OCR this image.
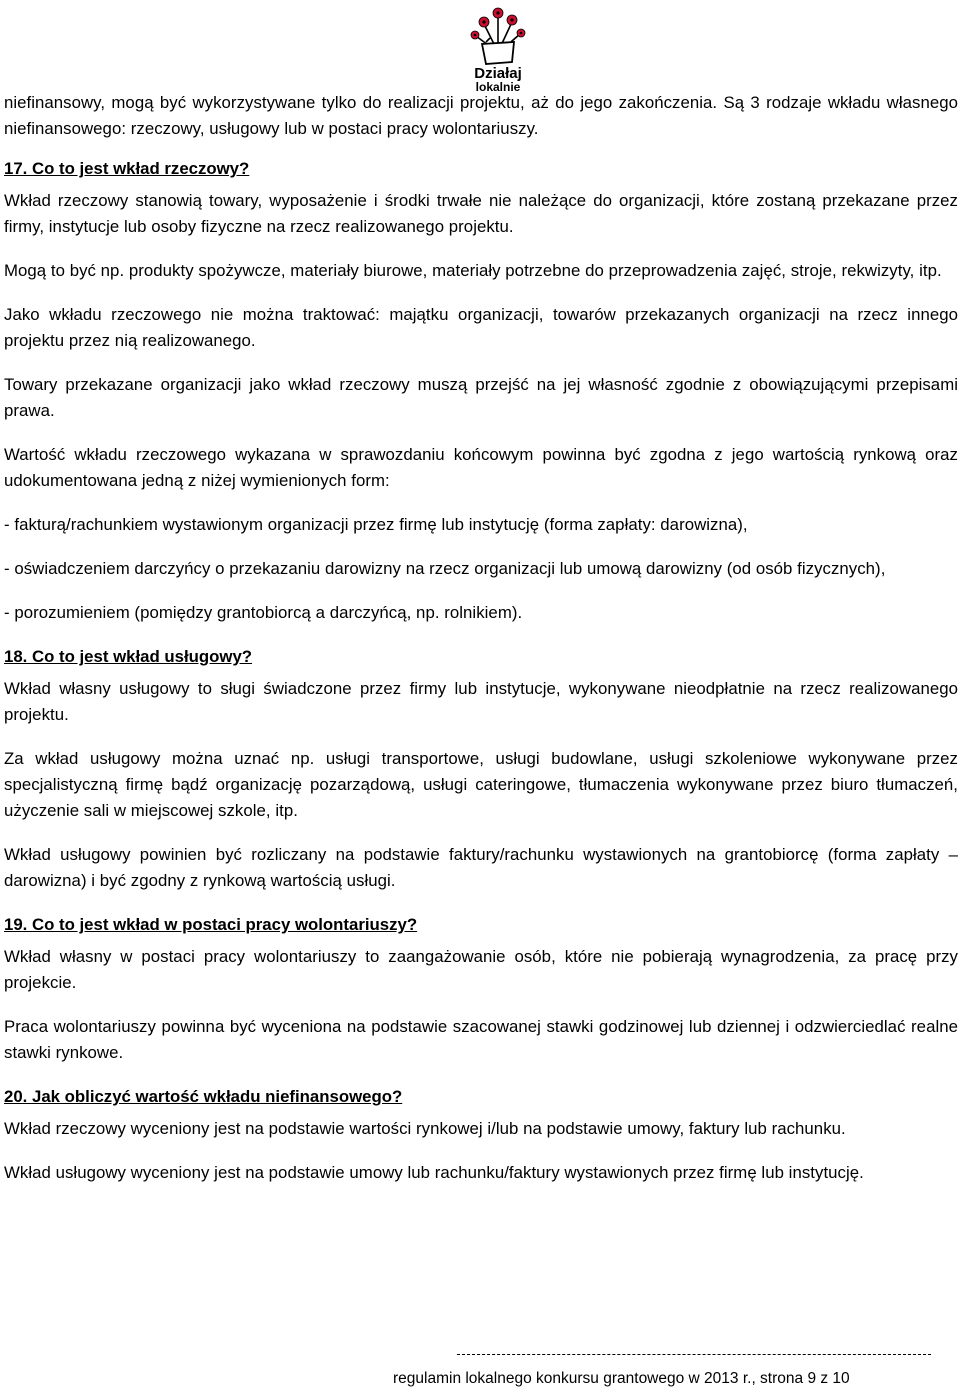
Działaj
lokalnie

niefinansowy, mogą być wykorzystywane tylko do realizacji projektu, aż do jego zakończenia. Są 3 rodzaje wkładu własnego niefinansowego: rzeczowy, usługowy lub w postaci pracy wolontariuszy.

17. Co to jest wkład rzeczowy?

Wkład rzeczowy stanowią towary, wyposażenie i środki trwałe nie należące do organizacji, które zostaną przekazane przez firmy, instytucje lub osoby fizyczne na rzecz realizowanego projektu.

Mogą to być np. produkty spożywcze, materiały biurowe, materiały potrzebne do przeprowadzenia zajęć, stroje, rekwizyty, itp.

Jako wkładu rzeczowego nie można traktować: majątku organizacji, towarów przekazanych organizacji na rzecz innego projektu przez nią realizowanego.

Towary przekazane organizacji jako wkład rzeczowy muszą przejść na jej własność zgodnie z obowiązującymi przepisami prawa.

Wartość wkładu rzeczowego wykazana w sprawozdaniu końcowym powinna być zgodna z jego wartością rynkową oraz udokumentowana jedną z niżej wymienionych form:

- fakturą/rachunkiem wystawionym organizacji przez firmę lub instytucję (forma zapłaty: darowizna),

- oświadczeniem darczyńcy o przekazaniu darowizny na rzecz organizacji lub umową darowizny (od osób fizycznych),

- porozumieniem (pomiędzy grantobiorcą a darczyńcą, np. rolnikiem).

18. Co to jest wkład usługowy?

Wkład własny usługowy to sługi świadczone przez firmy lub instytucje, wykonywane nieodpłatnie na rzecz realizowanego projektu.

Za wkład usługowy można uznać np. usługi transportowe, usługi budowlane, usługi szkoleniowe wykonywane przez specjalistyczną firmę bądź organizację pozarządową, usługi cateringowe, tłumaczenia wykonywane przez biuro tłumaczeń, użyczenie sali w miejscowej szkole, itp.

Wkład usługowy powinien być rozliczany na podstawie faktury/rachunku wystawionych na grantobiorcę (forma zapłaty – darowizna) i być zgodny z rynkową wartością usługi.

19. Co to jest wkład w postaci pracy wolontariuszy?

Wkład własny w postaci pracy wolontariuszy to zaangażowanie osób, które nie pobierają wynagrodzenia, za pracę przy projekcie.

Praca wolontariuszy powinna być wyceniona na podstawie szacowanej stawki godzinowej lub dziennej i odzwierciedlać realne stawki rynkowe.

20. Jak obliczyć wartość wkładu niefinansowego?

Wkład rzeczowy wyceniony jest na podstawie wartości rynkowej i/lub na podstawie umowy, faktury lub rachunku.

Wkład usługowy wyceniony jest na podstawie umowy lub rachunku/faktury wystawionych przez firmę lub instytucję.

regulamin lokalnego konkursu grantowego w 2013 r., strona 9 z 10
